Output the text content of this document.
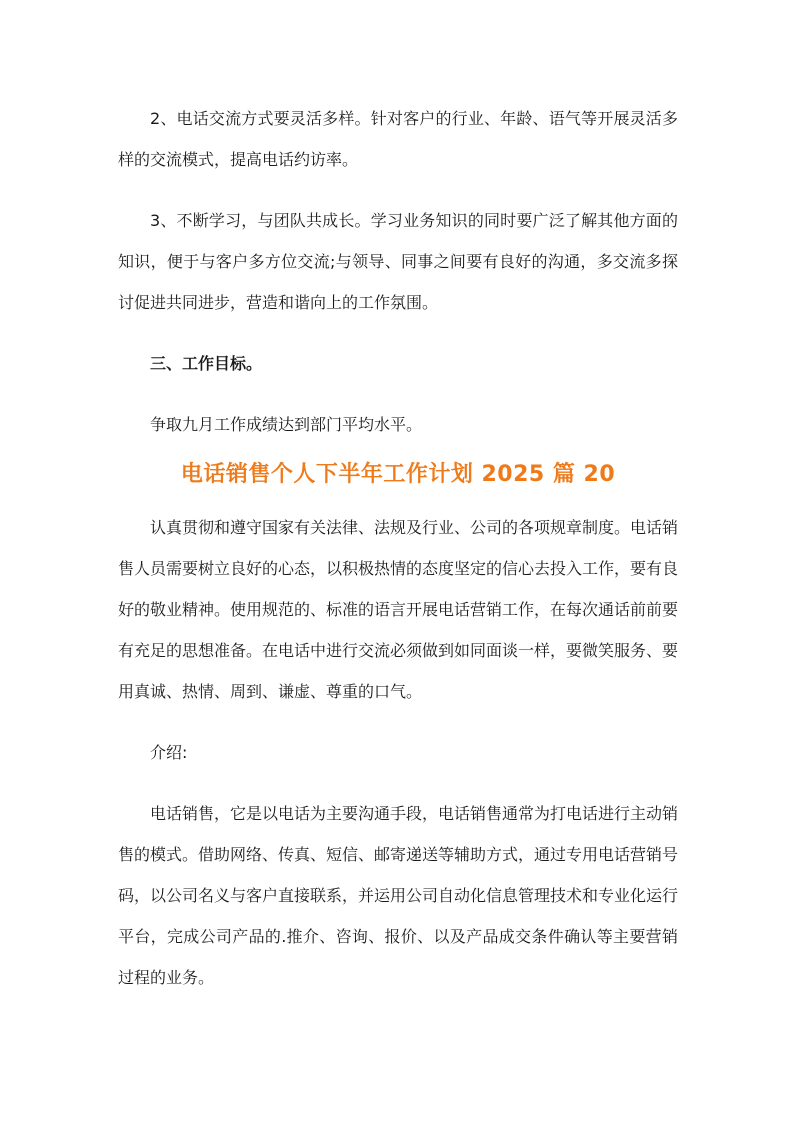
2、电话交流方式要灵活多样。针对客户的行业、年龄、语气等开展灵活多样的交流模式，提高电话约访率。

3、不断学习，与团队共成长。学习业务知识的同时要广泛了解其他方面的知识，便于与客户多方位交流;与领导、同事之间要有良好的沟通，多交流多探讨促进共同进步，营造和谐向上的工作氛围。

三、工作目标。

争取九月工作成绩达到部门平均水平。

电话销售个人下半年工作计划 2025 篇 20

认真贯彻和遵守国家有关法律、法规及行业、公司的各项规章制度。电话销售人员需要树立良好的心态，以积极热情的态度坚定的信心去投入工作，要有良好的敬业精神。使用规范的、标准的语言开展电话营销工作，在每次通话前前要有充足的思想准备。在电话中进行交流必须做到如同面谈一样，要微笑服务、要用真诚、热情、周到、谦虚、尊重的口气。

介绍:

电话销售，它是以电话为主要沟通手段，电话销售通常为打电话进行主动销售的模式。借助网络、传真、短信、邮寄递送等辅助方式，通过专用电话营销号码，以公司名义与客户直接联系，并运用公司自动化信息管理技术和专业化运行平台，完成公司产品的.推介、咨询、报价、以及产品成交条件确认等主要营销过程的业务。
